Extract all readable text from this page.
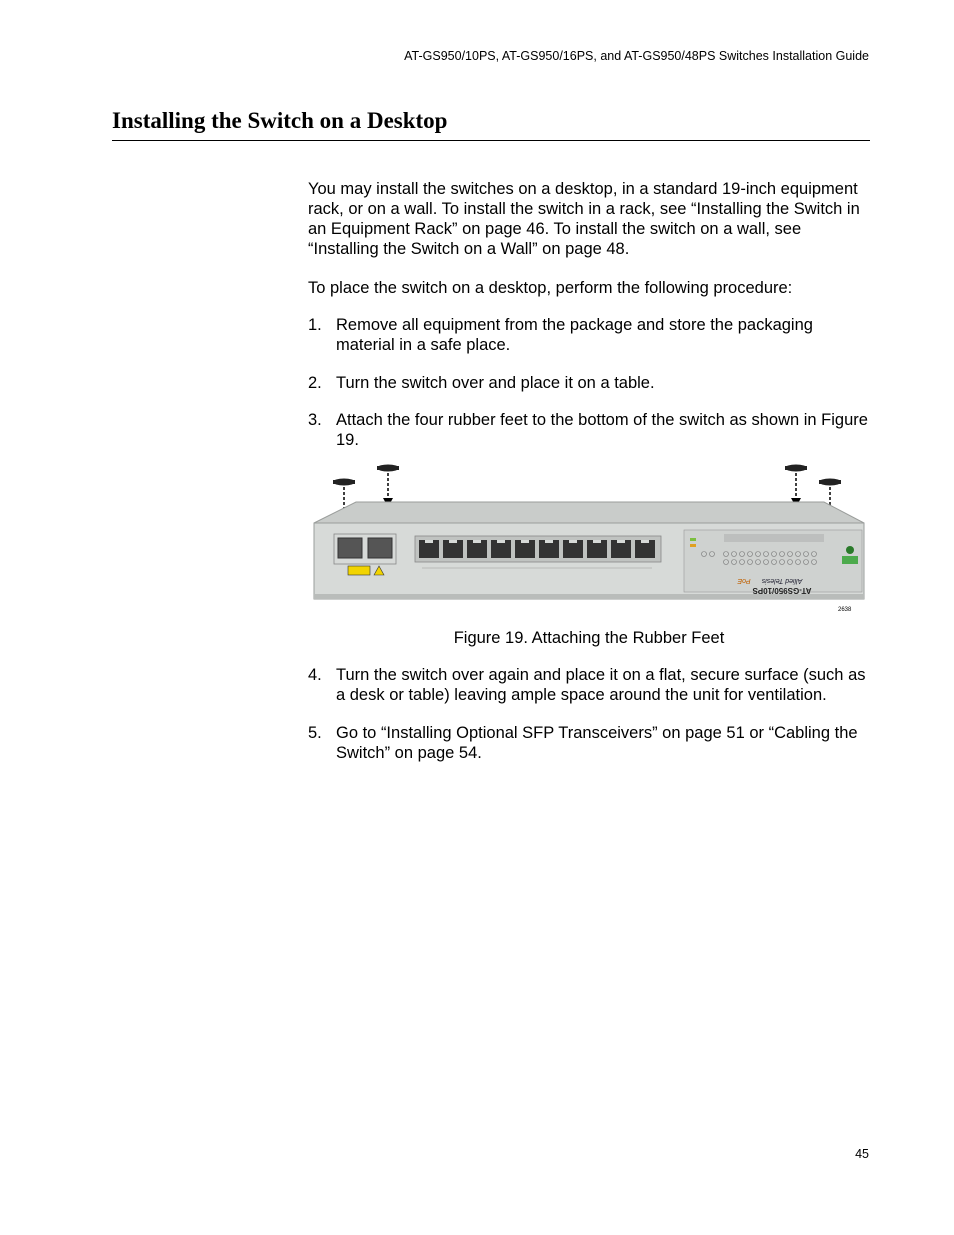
AT-GS950/10PS, AT-GS950/16PS, and AT-GS950/48PS Switches Installation Guide
Installing the Switch on a Desktop

You may install the switches on a desktop, in a standard 19-inch equipment rack, or on a wall. To install the switch in a rack, see “Installing the Switch in an Equipment Rack” on page 46. To install the switch on a wall, see “Installing the Switch on a Wall” on page 48.

To place the switch on a desktop, perform the following procedure:

1. Remove all equipment from the package and store the packaging material in a safe place.
2. Turn the switch over and place it on a table.
3. Attach the four rubber feet to the bottom of the switch as shown in Figure 19.
AT-GS950/10PS
Allied Telesis
PoE
2638
Figure 19. Attaching the Rubber Feet
4. Turn the switch over again and place it on a flat, secure surface (such as a desk or table) leaving ample space around the unit for ventilation.
5. Go to “Installing Optional SFP Transceivers” on page 51 or “Cabling the Switch” on page 54.
45
